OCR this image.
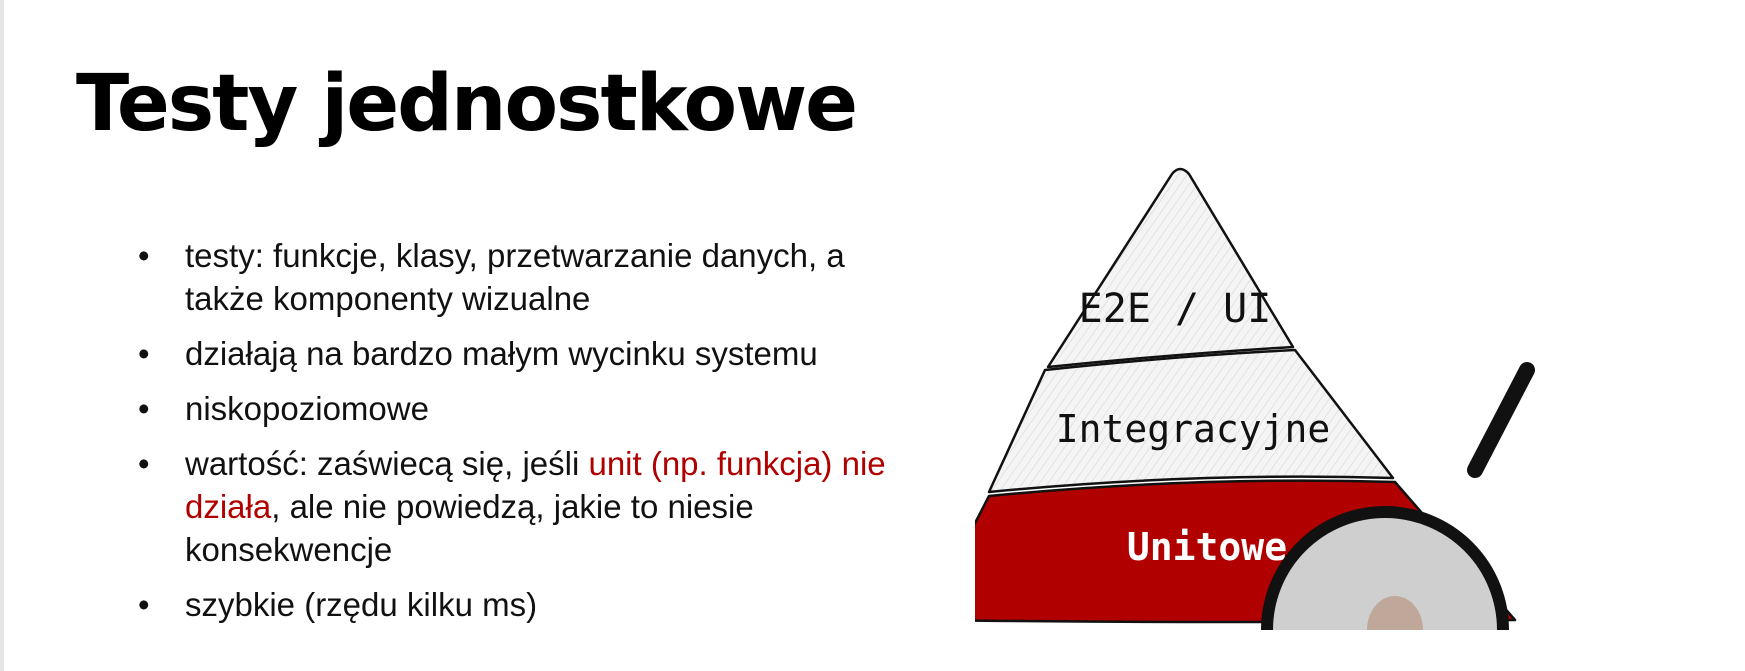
Testy jednostkowe
• testy: funkcje, klasy, przetwarzanie danych, a także komponenty wizualne
• działają na bardzo małym wycinku systemu
• niskopoziomowe
• wartość: zaświecą się, jeśli unit (np. funkcja) nie działa, ale nie powiedzą, jakie to niesie konsekwencje
• szybkie (rzędu kilku ms)
E2E / UI
Integracyjne
Unitowe
